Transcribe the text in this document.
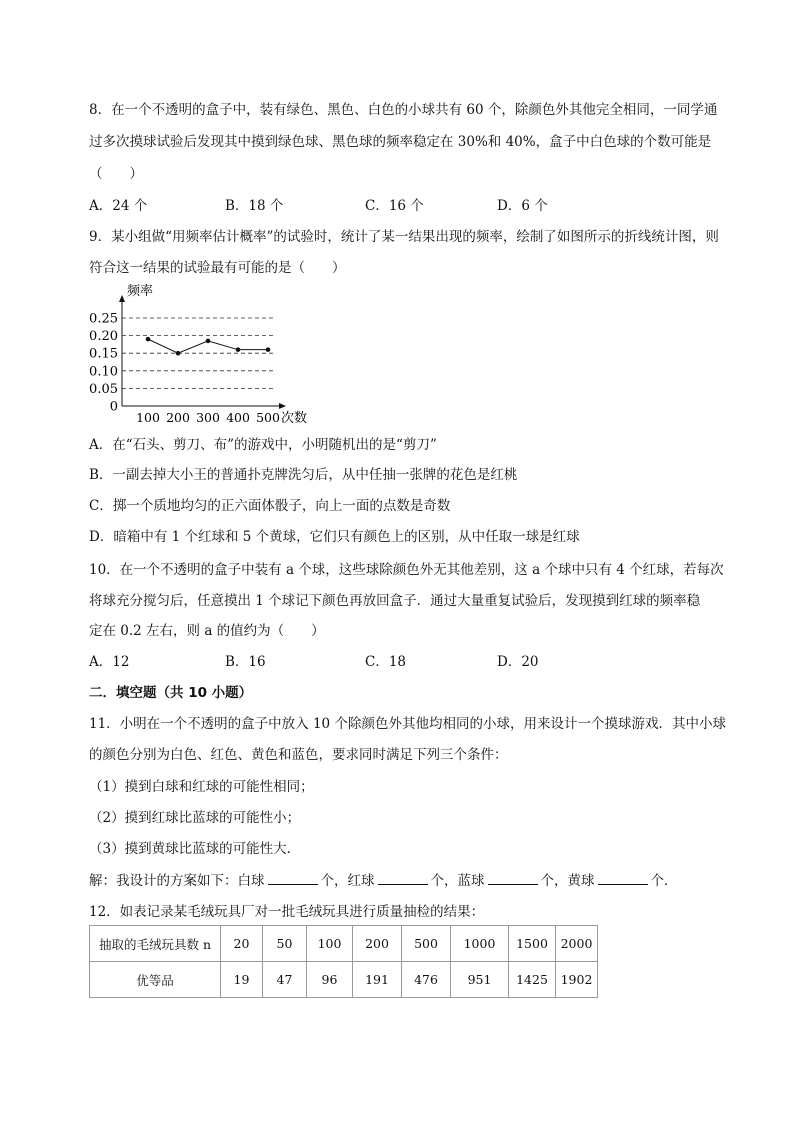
8．在一个不透明的盒子中，装有绿色、黑色、白色的小球共有 60 个，除颜色外其他完全相同，一同学通
过多次摸球试验后发现其中摸到绿色球、黑色球的频率稳定在 30%和 40%，盒子中白色球的个数可能是
（　　）
A．24 个	B．18 个	C．16 个	D．6 个
9．某小组做“用频率估计概率”的试验时，统计了某一结果出现的频率，绘制了如图所示的折线统计图，则
符合这一结果的试验最有可能的是（　　）
0
0.05
0.10
0.15
0.20
0.25
100 200 300 400 500
频率
次数
A．在“石头、剪刀、布”的游戏中，小明随机出的是“剪刀”
B．一副去掉大小王的普通扑克牌洗匀后，从中任抽一张牌的花色是红桃
C．掷一个质地均匀的正六面体骰子，向上一面的点数是奇数
D．暗箱中有 1 个红球和 5 个黄球，它们只有颜色上的区别，从中任取一球是红球
10．在一个不透明的盒子中装有 a 个球，这些球除颜色外无其他差别，这 a 个球中只有 4 个红球，若每次
将球充分搅匀后，任意摸出 1 个球记下颜色再放回盒子．通过大量重复试验后，发现摸到红球的频率稳
定在 0.2 左右，则 a 的值约为（　　）
A．12	B．16	C．18	D．20
二．填空题（共 10 小题）
11．小明在一个不透明的盒子中放入 10 个除颜色外其他均相同的小球，用来设计一个摸球游戏．其中小球
的颜色分别为白色、红色、黄色和蓝色，要求同时满足下列三个条件：
（1）摸到白球和红球的可能性相同；
（2）摸到红球比蓝球的可能性小；
（3）摸到黄球比蓝球的可能性大．
解：我设计的方案如下：白球	个，红球	个，蓝球	个，黄球	个．
12．如表记录某毛绒玩具厂对一批毛绒玩具进行质量抽检的结果：
抽取的毛绒玩具数 n	20	50	100	200	500	1000	1500	2000
优等品	19	47	96	191	476	951	1425	1902
